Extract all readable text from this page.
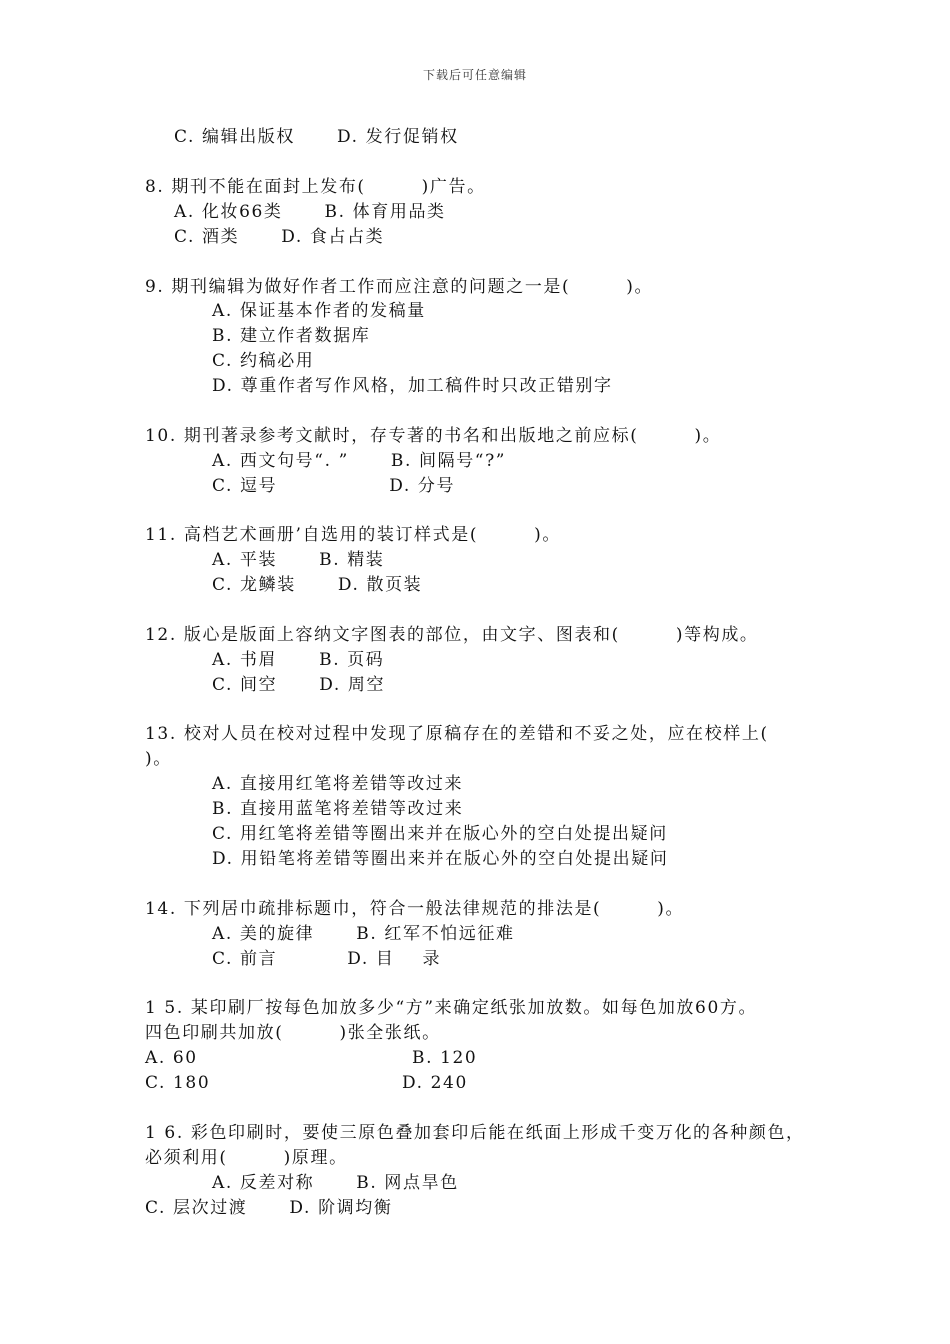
下载后可任意编辑
C. 编辑出版权      D. 发行促销权
8. 期刊不能在面封上发布(        )广告。
A. 化妆66类      B. 体育用品类
C. 酒类      D. 食占占类
9. 期刊编辑为做好作者工作而应注意的问题之一是(        )。
A. 保证基本作者的发稿量
B. 建立作者数据库
C. 约稿必用
D. 尊重作者写作风格，加工稿件时只改正错别字
10. 期刊著录参考文献时，存专著的书名和出版地之前应标(        )。
A. 西文句号“. ”      B. 间隔号“?”
C. 逗号                D. 分号
11. 高档艺术画册’自选用的装订样式是(        )。
A. 平装      B. 精装
C. 龙鳞装      D. 散页装
12. 版心是版面上容纳文字图表的部位，由文字、图表和(        )等构成。
A. 书眉      B. 页码
C. 间空      D. 周空
13. 校对人员在校对过程中发现了原稿存在的差错和不妥之处，应在校样上(
)。
A. 直接用红笔将差错等改过来
B. 直接用蓝笔将差错等改过来
C. 用红笔将差错等圈出来并在版心外的空白处提出疑问
D. 用铅笔将差错等圈出来并在版心外的空白处提出疑问
14. 下列居巾疏排标题巾，符合一般法律规范的排法是(        )。
A. 美的旋律      B. 红军不怕远征难
C. 前言          D. 目    录
1 5. 某印刷厂按每色加放多少“方”来确定纸张加放数。如每色加放60方。
四色印刷共加放(        )张全张纸。
A. 60	B. 120
C. 180	D. 240
1 6. 彩色印刷时，要使三原色叠加套印后能在纸面上形成千变万化的各种颜色，
必须利用(        )原理。
A. 反差对称      B. 网点旱色
C. 层次过渡      D. 阶调均衡
